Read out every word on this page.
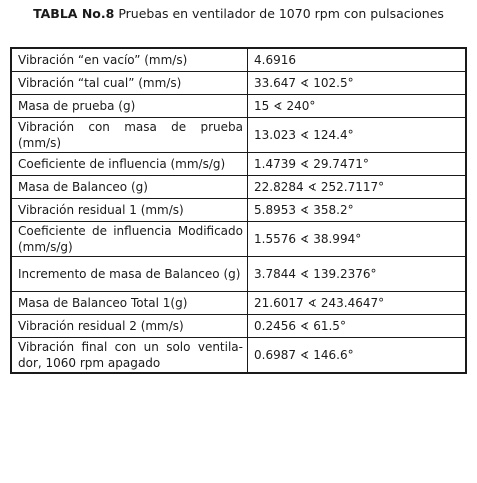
TABLA No.8 Pruebas en ventilador de 1070 rpm con pulsaciones
Vibración “en vacío” (mm/s)	4.6916
Vibración “tal cual” (mm/s)	33.647 ∢ 102.5°
Masa de prueba (g)	15 ∢ 240°
Vibración con masa de prueba (mm/s)	13.023 ∢ 124.4°
Coeficiente de influencia (mm/s/g)	1.4739 ∢ 29.7471°
Masa de Balanceo (g)	22.8284 ∢ 252.7117°
Vibración residual 1 (mm/s)	5.8953 ∢ 358.2°
Coeficiente de influencia Modificado (mm/s/g)	1.5576 ∢ 38.994°
Incremento de masa de Balanceo (g)	3.7844 ∢ 139.2376°
Masa de Balanceo Total 1(g)	21.6017 ∢ 243.4647°
Vibración residual 2 (mm/s)	0.2456 ∢ 61.5°
Vibración final con un solo ventila-dor, 1060 rpm apagado	0.6987 ∢ 146.6°
